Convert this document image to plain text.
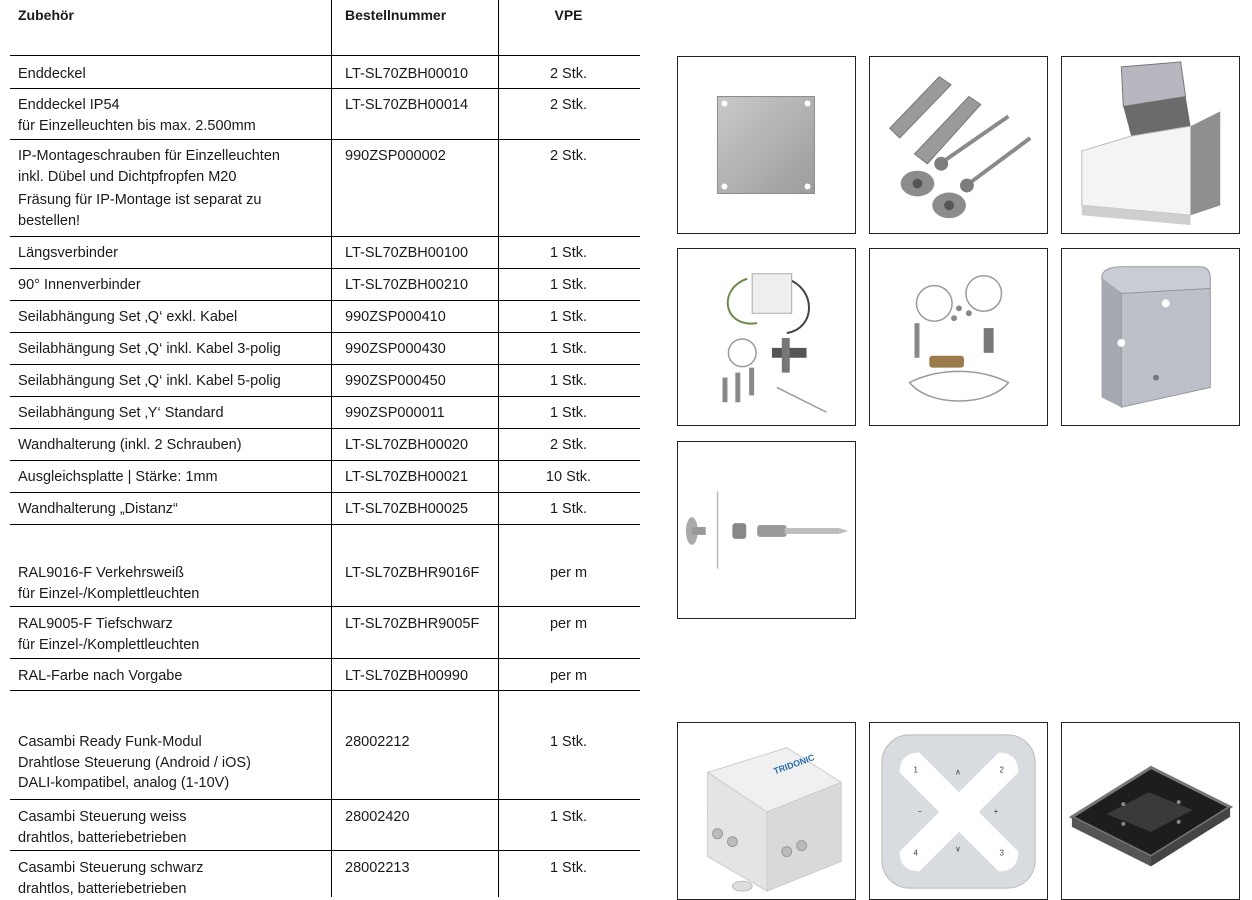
Zubehör	Bestellnummer	VPE
Enddeckel	LT-SL70ZBH00010	2 Stk.
Enddeckel IP54
für Einzelleuchten bis max. 2.500mm
LT-SL70ZBH00014	2 Stk.
IP-Montageschrauben für Einzelleuchten
inkl. Dübel und Dichtpfropfen M20
Fräsung für IP-Montage ist separat zu
bestellen!
990ZSP000002	2 Stk.
Längsverbinder	LT-SL70ZBH00100	1 Stk.
90° Innenverbinder	LT-SL70ZBH00210	1 Stk.
Seilabhängung Set ‚Q‘ exkl. Kabel	990ZSP000410	1 Stk.
Seilabhängung Set ‚Q‘ inkl. Kabel 3-polig	990ZSP000430	1 Stk.
Seilabhängung Set ‚Q‘ inkl. Kabel 5-polig	990ZSP000450	1 Stk.
Seilabhängung Set ‚Y‘ Standard	990ZSP000011	1 Stk.
Wandhalterung (inkl. 2 Schrauben)	LT-SL70ZBH00020	2 Stk.
Ausgleichsplatte | Stärke: 1mm	LT-SL70ZBH00021	10 Stk.
Wandhalterung „Distanz“	LT-SL70ZBH00025	1 Stk.
RAL9016-F Verkehrsweiß
für Einzel-/Komplettleuchten
LT-SL70ZBHR9016F	per m
RAL9005-F Tiefschwarz
für Einzel-/Komplettleuchten
LT-SL70ZBHR9005F	per m
RAL-Farbe nach Vorgabe	LT-SL70ZBH00990	per m
Casambi Ready Funk-Modul
Drahtlose Steuerung (Android / iOS)
DALI-kompatibel, analog (1-10V)
28002212	1 Stk.
Casambi Steuerung weiss
drahtlos, batteriebetrieben
28002420	1 Stk.
Casambi Steuerung schwarz
drahtlos, batteriebetrieben
28002213	1 Stk.
TRIDONIC	1	2
4	3
−	+
∧
∨
